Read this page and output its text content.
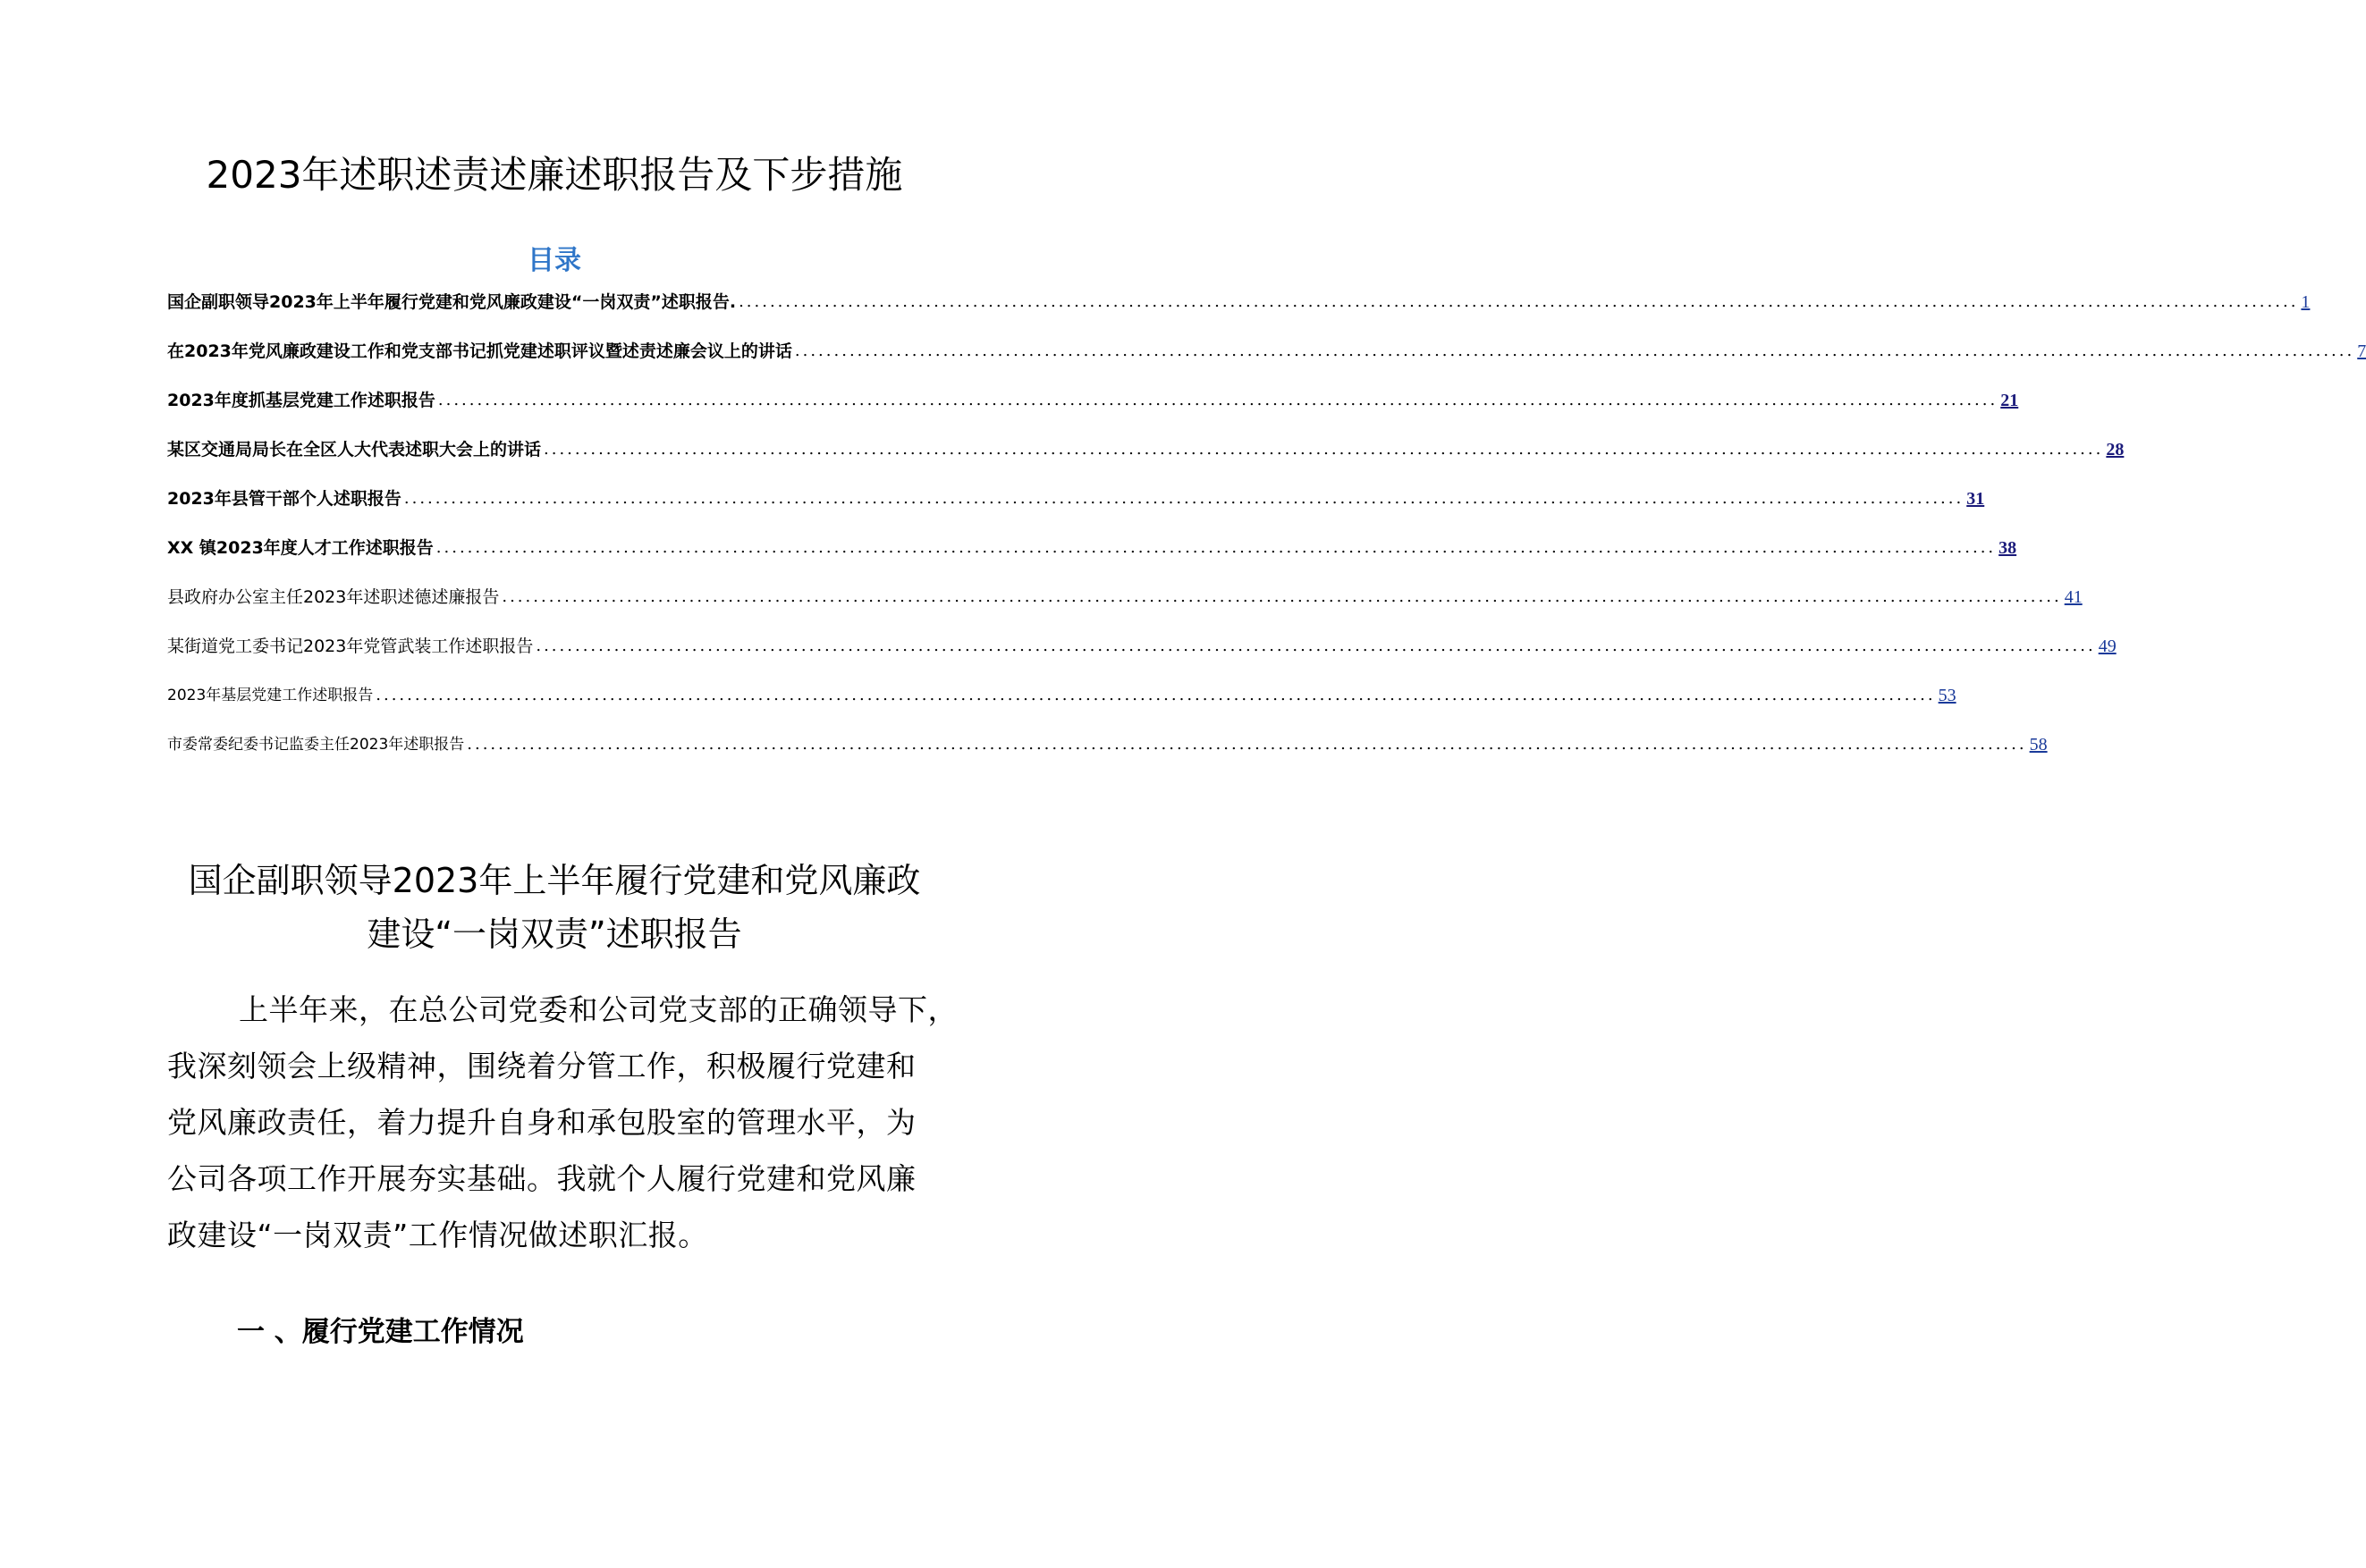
2023年述职述责述廉述职报告及下步措施
目录
国企副职领导2023年上半年履行党建和党风廉政建设“一岗双责”述职报告. ........................................................................................................................................................................................................ 1
在2023年党风廉政建设工作和党支部书记抓党建述职评议暨述责述廉会议上的讲话 ........................................................................................................................................................................................................ 7
2023年度抓基层党建工作述职报告 ........................................................................................................................................................................................................ 21
某区交通局局长在全区人大代表述职大会上的讲话 ........................................................................................................................................................................................................ 28
2023年县管干部个人述职报告 ........................................................................................................................................................................................................ 31
XX 镇2023年度人才工作述职报告 ........................................................................................................................................................................................................ 38
县政府办公室主任2023年述职述德述廉报告 ........................................................................................................................................................................................................ 41
某街道党工委书记2023年党管武装工作述职报告 ........................................................................................................................................................................................................ 49
2023年基层党建工作述职报告 ........................................................................................................................................................................................................ 53
市委常委纪委书记监委主任2023年述职报告 ........................................................................................................................................................................................................ 58
国企副职领导2023年上半年履行党建和党风廉政
建设“一岗双责”述职报告
上半年来，在总公司党委和公司党支部的正确领导下，
我深刻领会上级精神，围绕着分管工作，积极履行党建和
党风廉政责任，着力提升自身和承包股室的管理水平，为
公司各项工作开展夯实基础。我就个人履行党建和党风廉
政建设“一岗双责”工作情况做述职汇报。
一 、履行党建工作情况
